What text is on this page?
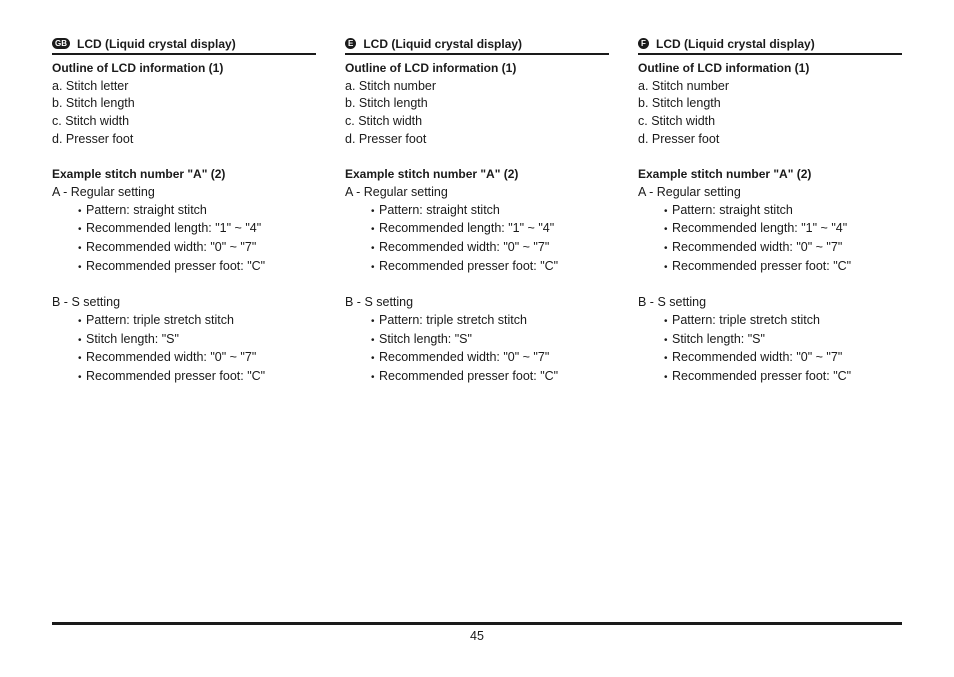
GB LCD (Liquid crystal display)
Outline of LCD information (1)
a. Stitch letter
b. Stitch length
c. Stitch width
d. Presser foot
Example stitch number "A" (2)
A - Regular setting
• Pattern: straight stitch
• Recommended length: "1" ~ "4"
• Recommended width: "0" ~ "7"
• Recommended presser foot: "C"
B - S setting
• Pattern: triple stretch stitch
• Stitch length: "S"
• Recommended width: "0" ~ "7"
• Recommended presser foot: "C"
E LCD (Liquid crystal display)
Outline of LCD information (1)
a. Stitch number
b. Stitch length
c. Stitch width
d. Presser foot
Example stitch number "A" (2)
A - Regular setting
• Pattern: straight stitch
• Recommended length: "1" ~ "4"
• Recommended width: "0" ~ "7"
• Recommended presser foot: "C"
B - S setting
• Pattern: triple stretch stitch
• Stitch length: "S"
• Recommended width: "0" ~ "7"
• Recommended presser foot: "C"
F LCD (Liquid crystal display)
Outline of LCD information (1)
a. Stitch number
b. Stitch length
c. Stitch width
d. Presser foot
Example stitch number "A" (2)
A - Regular setting
• Pattern: straight stitch
• Recommended length: "1" ~ "4"
• Recommended width: "0" ~ "7"
• Recommended presser foot: "C"
B - S setting
• Pattern: triple stretch stitch
• Stitch length: "S"
• Recommended width: "0" ~ "7"
• Recommended presser foot: "C"
45
